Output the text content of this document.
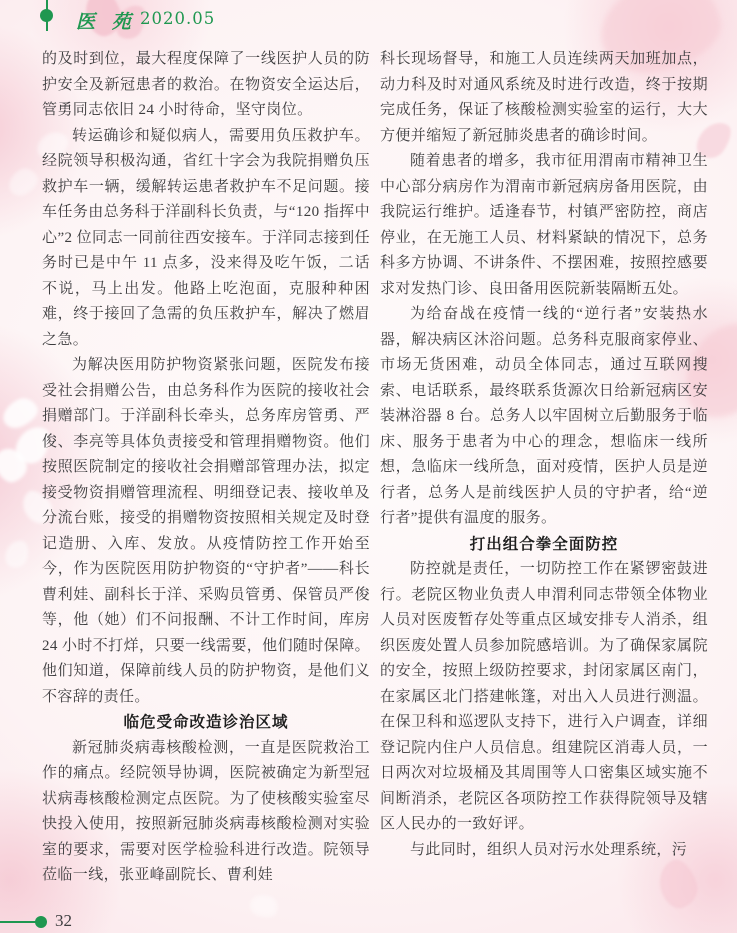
医 苑 2020.05

的及时到位，最大程度保障了一线医护人员的防护安全及新冠患者的救治。在物资安全运达后，管勇同志依旧 24 小时待命，坚守岗位。

转运确诊和疑似病人，需要用负压救护车。经院领导积极沟通，省红十字会为我院捐赠负压救护车一辆，缓解转运患者救护车不足问题。接车任务由总务科于洋副科长负责，与“120 指挥中心”2 位同志一同前往西安接车。于洋同志接到任务时已是中午 11 点多，没来得及吃午饭，二话不说，马上出发。他路上吃泡面，克服种种困难，终于接回了急需的负压救护车，解决了燃眉之急。

为解决医用防护物资紧张问题，医院发布接受社会捐赠公告，由总务科作为医院的接收社会捐赠部门。于洋副科长牵头，总务库房管勇、严俊、李亮等具体负责接受和管理捐赠物资。他们按照医院制定的接收社会捐赠部管理办法，拟定接受物资捐赠管理流程、明细登记表、接收单及分流台账，接受的捐赠物资按照相关规定及时登记造册、入库、发放。从疫情防控工作开始至今，作为医院医用防护物资的“守护者”——科长曹利娃、副科长于洋、采购员管勇、保管员严俊等，他（她）们不问报酬、不计工作时间，库房 24 小时不打烊，只要一线需要，他们随时保障。他们知道，保障前线人员的防护物资，是他们义不容辞的责任。

临危受命改造诊治区域

新冠肺炎病毒核酸检测，一直是医院救治工作的痛点。经院领导协调，医院被确定为新型冠状病毒核酸检测定点医院。为了使核酸实验室尽快投入使用，按照新冠肺炎病毒核酸检测对实验室的要求，需要对医学检验科进行改造。院领导莅临一线，张亚峰副院长、曹利娃

科长现场督导，和施工人员连续两天加班加点，动力科及时对通风系统及时进行改造，终于按期完成任务，保证了核酸检测实验室的运行，大大方便并缩短了新冠肺炎患者的确诊时间。

随着患者的增多，我市征用渭南市精神卫生中心部分病房作为渭南市新冠病房备用医院，由我院运行维护。适逢春节，村镇严密防控，商店停业，在无施工人员、材料紧缺的情况下，总务科多方协调、不讲条件、不摆困难，按照控感要求对发热门诊、良田备用医院新装隔断五处。

为给奋战在疫情一线的“逆行者”安装热水器，解决病区沐浴问题。总务科克服商家停业、市场无货困难，动员全体同志，通过互联网搜索、电话联系，最终联系货源次日给新冠病区安装淋浴器 8 台。总务人以牢固树立后勤服务于临床、服务于患者为中心的理念，想临床一线所想，急临床一线所急，面对疫情，医护人员是逆行者，总务人是前线医护人员的守护者，给“逆行者”提供有温度的服务。

打出组合拳全面防控

防控就是责任，一切防控工作在紧锣密鼓进行。老院区物业负责人申渭利同志带领全体物业人员对医废暂存处等重点区域安排专人消杀，组织医废处置人员参加院感培训。为了确保家属院的安全，按照上级防控要求，封闭家属区南门，在家属区北门搭建帐篷，对出入人员进行测温。在保卫科和巡逻队支持下，进行入户调查，详细登记院内住户人员信息。组建院区消毒人员，一日两次对垃圾桶及其周围等人口密集区域实施不间断消杀，老院区各项防控工作获得院领导及辖区人民办的一致好评。

与此同时，组织人员对污水处理系统，污

32
